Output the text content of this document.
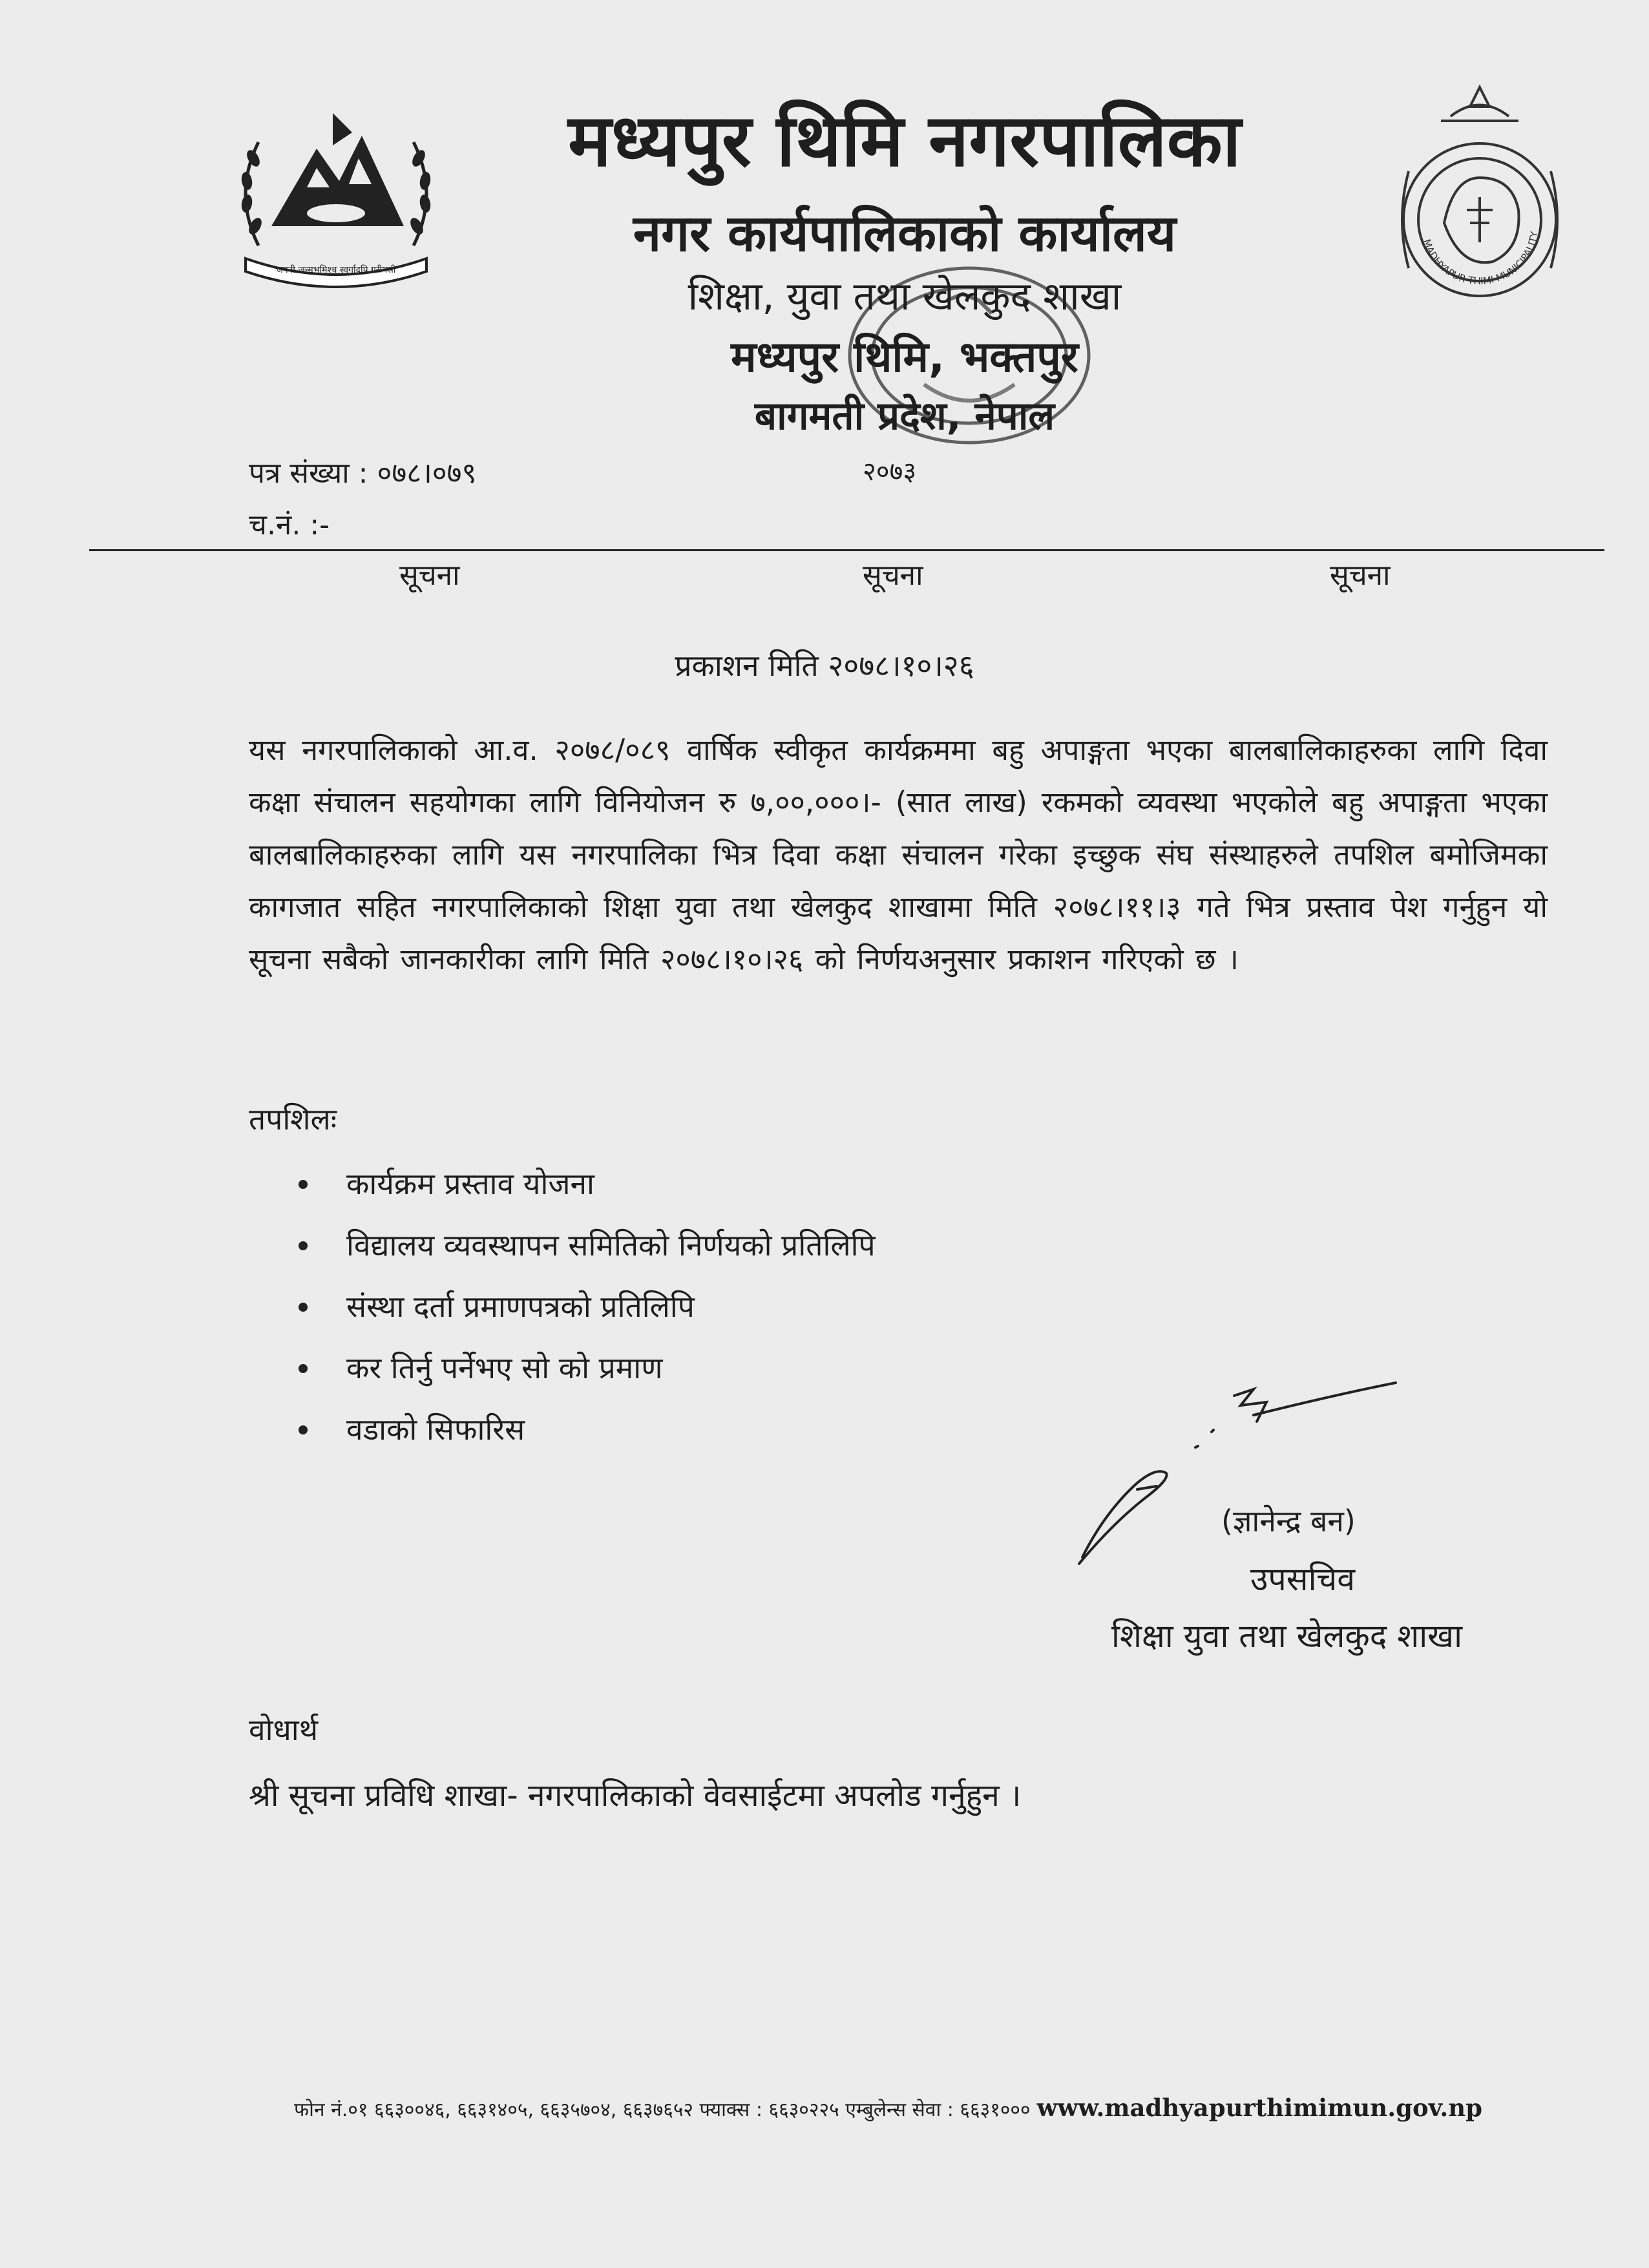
जननी जन्मभूमिश्च स्वर्गादपि गरीयसी
MADHYAPUR THIMI MUNICIPALITY
मध्यपुर थिमि नगरपालिका
नगर कार्यपालिकाको कार्यालय
शिक्षा, युवा तथा खेलकुद शाखा
मध्यपुर थिमि, भक्तपुर
बागमती प्रदेश, नेपाल
२०७३
पत्र संख्या : ०७८।०७९
च.नं. :-
सूचना	सूचना	सूचना
प्रकाशन मिति २०७८।१०।२६
यस नगरपालिकाको आ.व. २०७८/०८९ वार्षिक स्वीकृत कार्यक्रममा बहु अपाङ्गता भएका बालबालिकाहरुका लागि दिवा कक्षा संचालन सहयोगका लागि विनियोजन रु ७,००,०००।- (सात लाख) रकमको व्यवस्था भएकोले बहु अपाङ्गता भएका बालबालिकाहरुका लागि यस नगरपालिका भित्र दिवा कक्षा संचालन गरेका इच्छुक संघ संस्थाहरुले तपशिल बमोजिमका कागजात सहित नगरपालिकाको शिक्षा युवा तथा खेलकुद शाखामा मिति २०७८।११।३ गते भित्र प्रस्ताव पेश गर्नुहुन यो सूचना सबैको जानकारीका लागि मिति २०७८।१०।२६ को निर्णयअनुसार प्रकाशन गरिएको छ ।
तपशिलः
कार्यक्रम प्रस्ताव योजना
विद्यालय व्यवस्थापन समितिको निर्णयको प्रतिलिपि
संस्था दर्ता प्रमाणपत्रको प्रतिलिपि
कर तिर्नु पर्नेभए सो को प्रमाण
वडाको सिफारिस
(ज्ञानेन्द्र बन)
उपसचिव
शिक्षा युवा तथा खेलकुद शाखा
वोधार्थ
श्री सूचना प्रविधि शाखा- नगरपालिकाको वेवसाईटमा अपलोड गर्नुहुन ।
फोन नं.०१ ६६३००४६, ६६३१४०५, ६६३५७०४, ६६३७६५२ फ्याक्स : ६६३०२२५ एम्बुलेन्स सेवा : ६६३१००० www.madhyapurthimimun.gov.np
